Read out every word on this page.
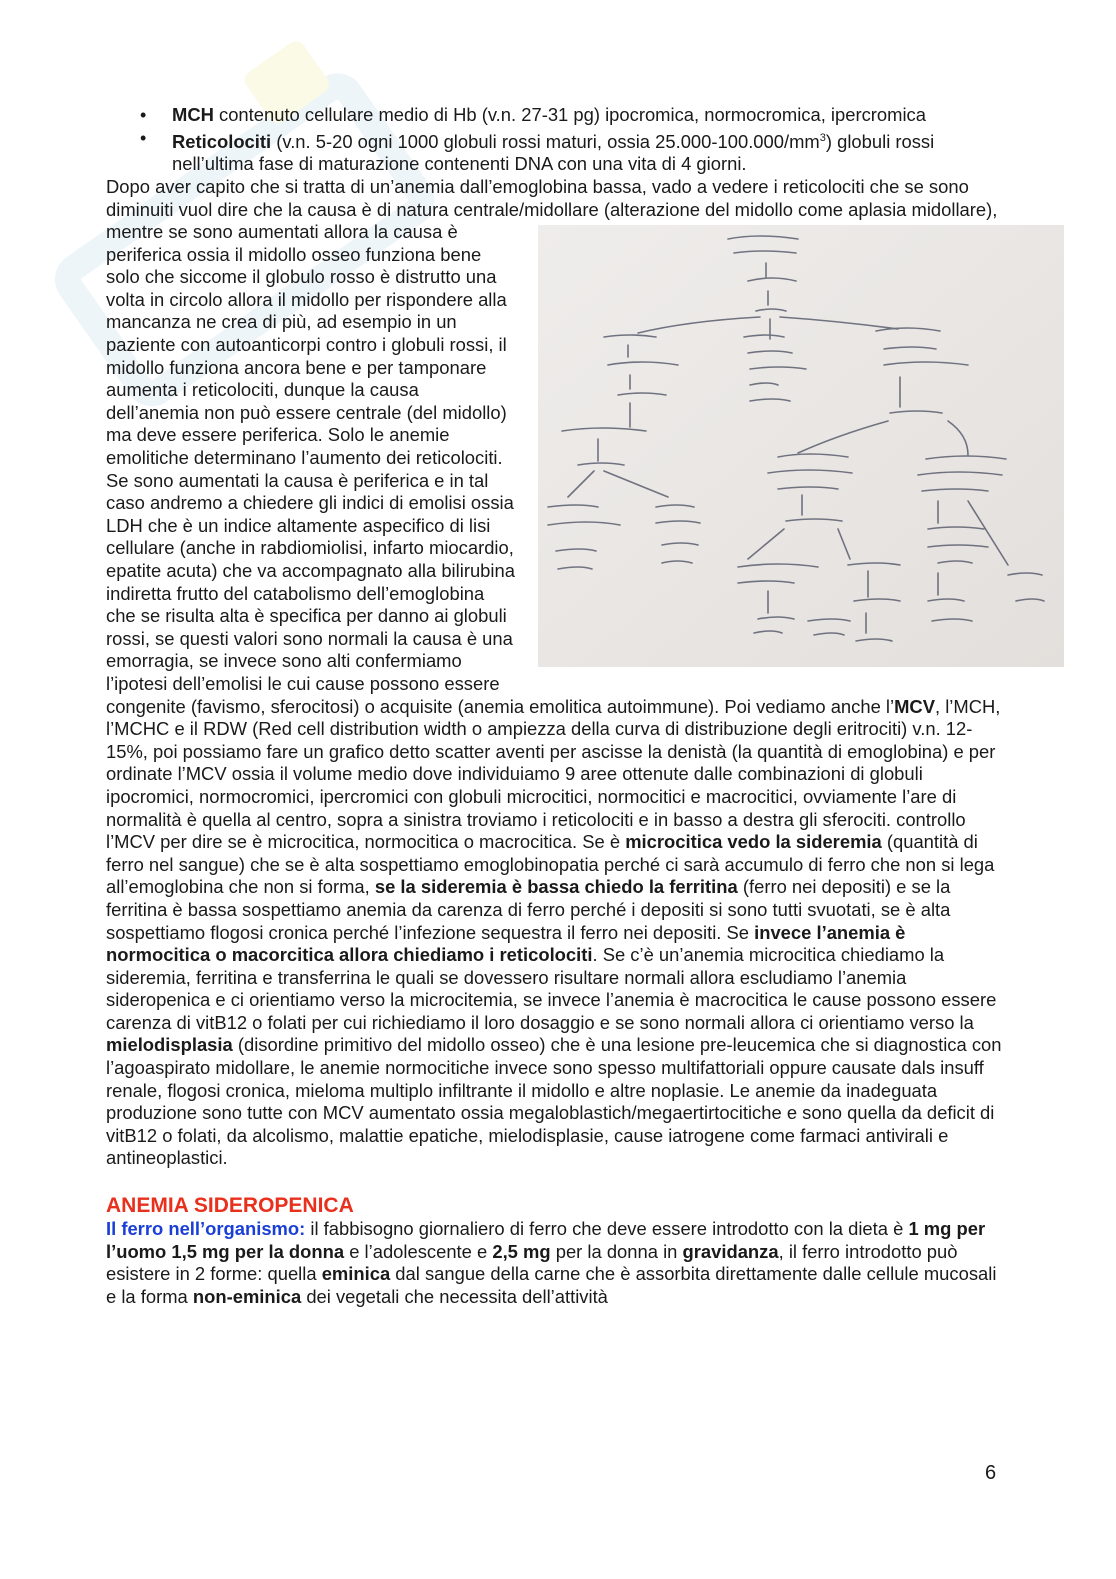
• MCH contenuto cellulare medio di Hb (v.n. 27-31 pg) ipocromica, normocromica, ipercromica
• Reticolociti (v.n. 5-20 ogni 1000 globuli rossi maturi, ossia $25.000-100.000/mm^3$) globuli rossi nell’ultima fase di maturazione contenenti DNA con una vita di 4 giorni.

Dopo aver capito che si tratta di un’anemia dall’emoglobina bassa, vado a vedere i reticolociti che se sono diminuiti vuol dire che la causa è di natura centrale/midollare (alterazione del midollo come aplasia midollare), mentre se sono
aumentati allora la causa è periferica ossia il midollo osseo funziona bene solo che siccome il globulo rosso è distrutto una volta in circolo allora il midollo per rispondere alla mancanza ne crea di più, ad esempio in un paziente con autoanticorpi contro i globuli rossi, il midollo funziona ancora bene e per tamponare aumenta i reticolociti, dunque la causa dell’anemia non può essere centrale (del midollo) ma deve essere periferica. Solo le anemie emolitiche determinano l’aumento dei reticolociti. Se sono aumentati la causa è periferica e in tal caso andremo a chiedere gli indici di emolisi ossia LDH che è un indice altamente aspecifico di lisi cellulare (anche in rabdiomiolisi, infarto miocardio, epatite acuta) che va accompagnato alla bilirubina indiretta frutto del catabolismo dell’emoglobina che se risulta alta è specifica per danno ai globuli rossi, se questi valori sono normali la causa è una emorragia, se invece sono alti confermiamo l’ipotesi dell’emolisi le cui cause possono essere congenite (favismo, sferocitosi) o acquisite (anemia emolitica autoimmune). Poi vediamo anche l’MCV, l’MCH, l’MCHC e il RDW (Red cell distribution width o ampiezza della curva di distribuzione degli eritrociti) v.n. 12-15%, poi possiamo fare un grafico detto scatter aventi per ascisse la denistà (la quantità di emoglobina) e per ordinate l’MCV ossia il volume medio dove individuiamo 9 aree ottenute dalle combinazioni di globuli ipocromici, normocromici, ipercromici con globuli microcitici, normocitici e macrocitici, ovviamente l’are di normalità è quella al centro, sopra a sinistra troviamo i reticolociti e in basso a destra gli sferociti. controllo l’MCV per dire se è microcitica, normocitica o macrocitica. Se è microcitica vedo la sideremia (quantità di ferro nel sangue) che se è alta sospettiamo emoglobinopatia perché ci sarà accumulo di ferro che non si lega all’emoglobina che non si forma, se la sideremia è bassa chiedo la ferritina (ferro nei depositi) e se la ferritina è bassa sospettiamo anemia da carenza di ferro perché i depositi si sono tutti svuotati, se è alta sospettiamo flogosi cronica perché l’infezione sequestra il ferro nei depositi. Se invece l’anemia è normocitica o macorcitica allora chiediamo i reticolociti. Se c’è un’anemia microcitica chiediamo la sideremia, ferritina e transferrina le quali se dovessero risultare normali allora escludiamo l’anemia sideropenica e ci orientiamo verso la microcitemia, se invece l’anemia è macrocitica le cause possono essere carenza di vitB12 o folati per cui richiediamo il loro dosaggio e se sono normali allora ci orientiamo verso la mielodisplasia (disordine primitivo del midollo osseo) che è una lesione pre-leucemica che si diagnostica con l’agoaspirato midollare, le anemie normocitiche invece sono spesso multifattoriali oppure causate dals insuff renale, flogosi cronica, mieloma multiplo infiltrante il midollo e altre noplasie. Le anemie da inadeguata produzione sono tutte con MCV aumentato ossia megaloblastich/megaertirtocitiche e sono quella da deficit di vitB12 o folati, da alcolismo, malattie epatiche, mielodisplasie, cause iatrogene come farmaci antivirali e antineoplastici.

ANEMIA SIDEROPENICA

Il ferro nell’organismo: il fabbisogno giornaliero di ferro che deve essere introdotto con la dieta è 1 mg per l’uomo 1,5 mg per la donna e l’adolescente e 2,5 mg per la donna in gravidanza, il ferro introdotto può esistere in 2 forme: quella eminica dal sangue della carne che è assorbita direttamente dalle cellule mucosali e la forma non-eminica dei vegetali che necessita dell’attività

6
